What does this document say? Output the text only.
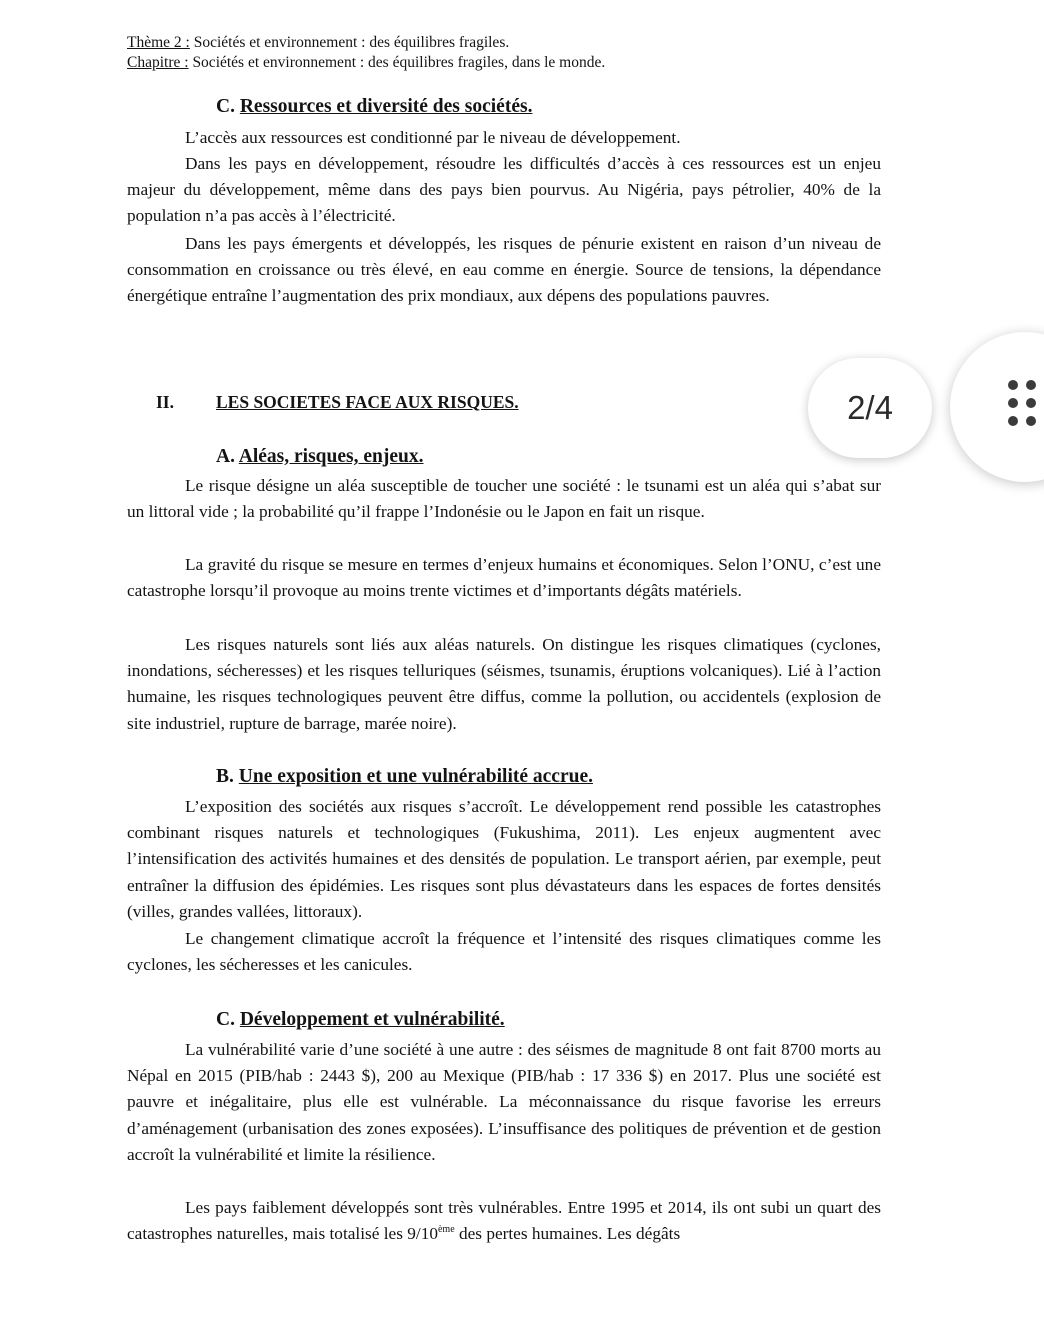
Thème 2 : Sociétés et environnement : des équilibres fragiles.
Chapitre : Sociétés et environnement : des équilibres fragiles, dans le monde.
C. Ressources et diversité des sociétés.

L’accès aux ressources est conditionné par le niveau de développement.

Dans les pays en développement, résoudre les difficultés d’accès à ces ressources est un enjeu majeur du développement, même dans des pays bien pourvus. Au Nigéria, pays pétrolier, 40% de la population n’a pas accès à l’électricité.

Dans les pays émergents et développés, les risques de pénurie existent en raison d’un niveau de consommation en croissance ou très élevé, en eau comme en énergie. Source de tensions, la dépendance énergétique entraîne l’augmentation des prix mondiaux, aux dépens des populations pauvres.

II. LES SOCIETES FACE AUX RISQUES.
A. Aléas, risques, enjeux.

Le risque désigne un aléa susceptible de toucher une société : le tsunami est un aléa qui s’abat sur un littoral vide ; la probabilité qu’il frappe l’Indonésie ou le Japon en fait un risque.

La gravité du risque se mesure en termes d’enjeux humains et économiques. Selon l’ONU, c’est une catastrophe lorsqu’il provoque au moins trente victimes et d’importants dégâts matériels.

Les risques naturels sont liés aux aléas naturels. On distingue les risques climatiques (cyclones, inondations, sécheresses) et les risques telluriques (séismes, tsunamis, éruptions volcaniques). Lié à l’action humaine, les risques technologiques peuvent être diffus, comme la pollution, ou accidentels (explosion de site industriel, rupture de barrage, marée noire).

B. Une exposition et une vulnérabilité accrue.

L’exposition des sociétés aux risques s’accroît. Le développement rend possible les catastrophes combinant risques naturels et technologiques (Fukushima, 2011). Les enjeux augmentent avec l’intensification des activités humaines et des densités de population. Le transport aérien, par exemple, peut entraîner la diffusion des épidémies. Les risques sont plus dévastateurs dans les espaces de fortes densités (villes, grandes vallées, littoraux).

Le changement climatique accroît la fréquence et l’intensité des risques climatiques comme les cyclones, les sécheresses et les canicules.

C. Développement et vulnérabilité.

La vulnérabilité varie d’une société à une autre : des séismes de magnitude 8 ont fait 8700 morts au Népal en 2015 (PIB/hab : 2443 $), 200 au Mexique (PIB/hab : 17 336 $) en 2017. Plus une société est pauvre et inégalitaire, plus elle est vulnérable. La méconnaissance du risque favorise les erreurs d’aménagement (urbanisation des zones exposées). L’insuffisance des politiques de prévention et de gestion accroît la vulnérabilité et limite la résilience.

Les pays faiblement développés sont très vulnérables. Entre 1995 et 2014, ils ont subi un quart des catastrophes naturelles, mais totalisé les 9/10ème des pertes humaines. Les dégâts

2/4
